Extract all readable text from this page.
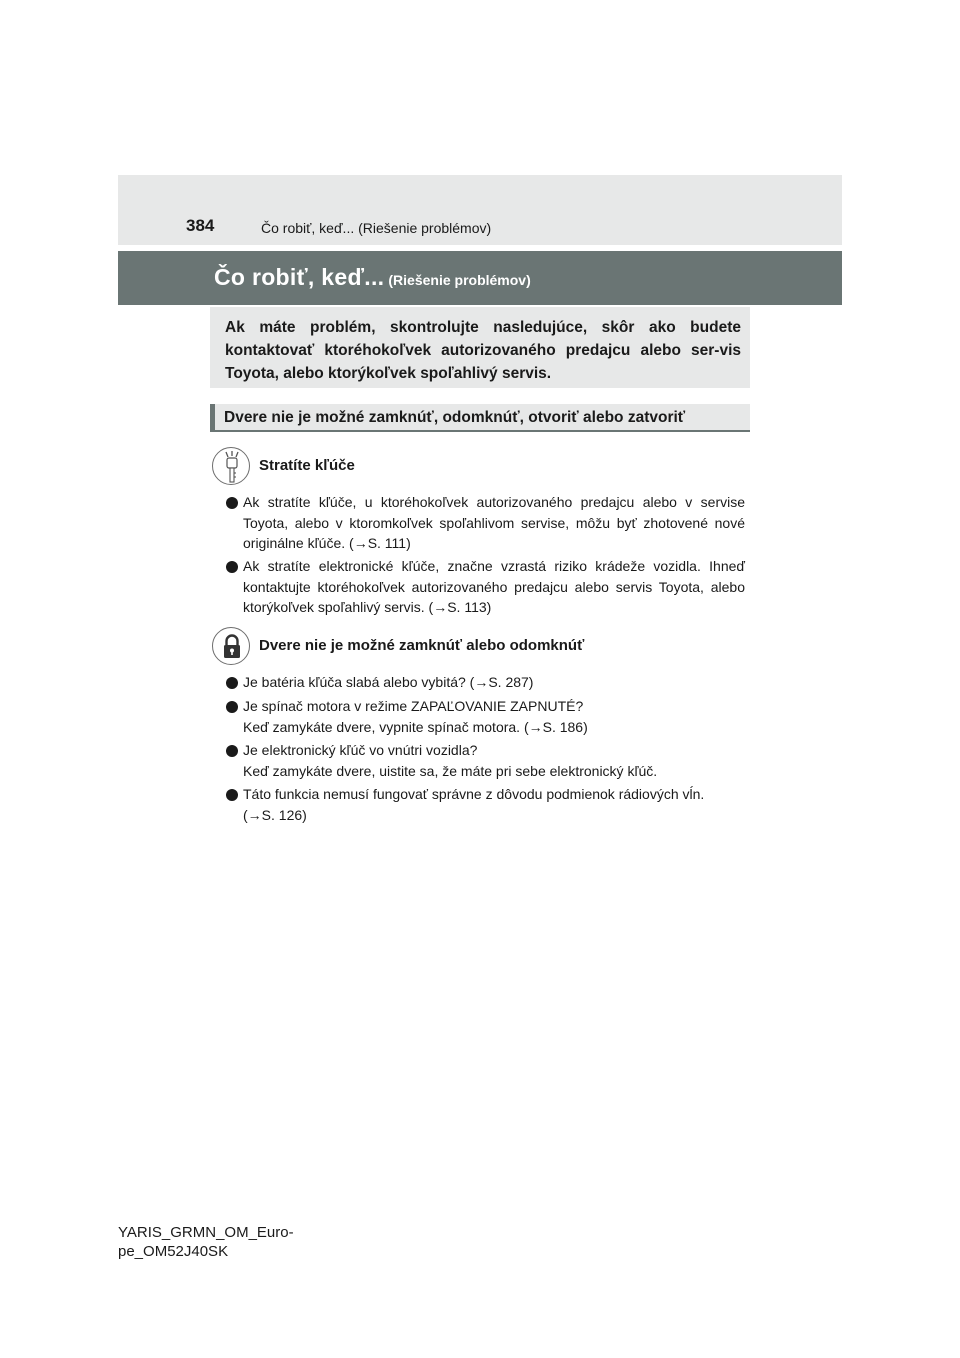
384	Čo robiť, keď... (Riešenie problémov)
Čo robiť, keď... (Riešenie problémov)
Ak máte problém, skontrolujte nasledujúce, skôr ako budete kontaktovať ktoréhokoľvek autorizovaného predajcu alebo ser-vis Toyota, alebo ktorýkoľvek spoľahlivý servis.
Dvere nie je možné zamknúť, odomknúť, otvoriť alebo zatvoriť
Stratíte kľúče
Ak stratíte kľúče, u ktoréhokoľvek autorizovaného predajcu alebo v servise Toyota, alebo v ktoromkoľvek spoľahlivom servise, môžu byť zhotovené nové originálne kľúče. (→S. 111)
Ak stratíte elektronické kľúče, značne vzrastá riziko krádeže vozidla. Ihneď kontaktujte ktoréhokoľvek autorizovaného predajcu alebo servis Toyota, alebo ktorýkoľvek spoľahlivý servis. (→S. 113)
Dvere nie je možné zamknúť alebo odomknúť
Je batéria kľúča slabá alebo vybitá? (→S. 287)
Je spínač motora v režime ZAPAĽOVANIE ZAPNUTÉ?
Keď zamykáte dvere, vypnite spínač motora. (→S. 186)
Je elektronický kľúč vo vnútri vozidla?
Keď zamykáte dvere, uistite sa, že máte pri sebe elektronický kľúč.
Táto funkcia nemusí fungovať správne z dôvodu podmienok rádiových vĺn.
(→S. 126)
YARIS_GRMN_OM_Euro-
pe_OM52J40SK
